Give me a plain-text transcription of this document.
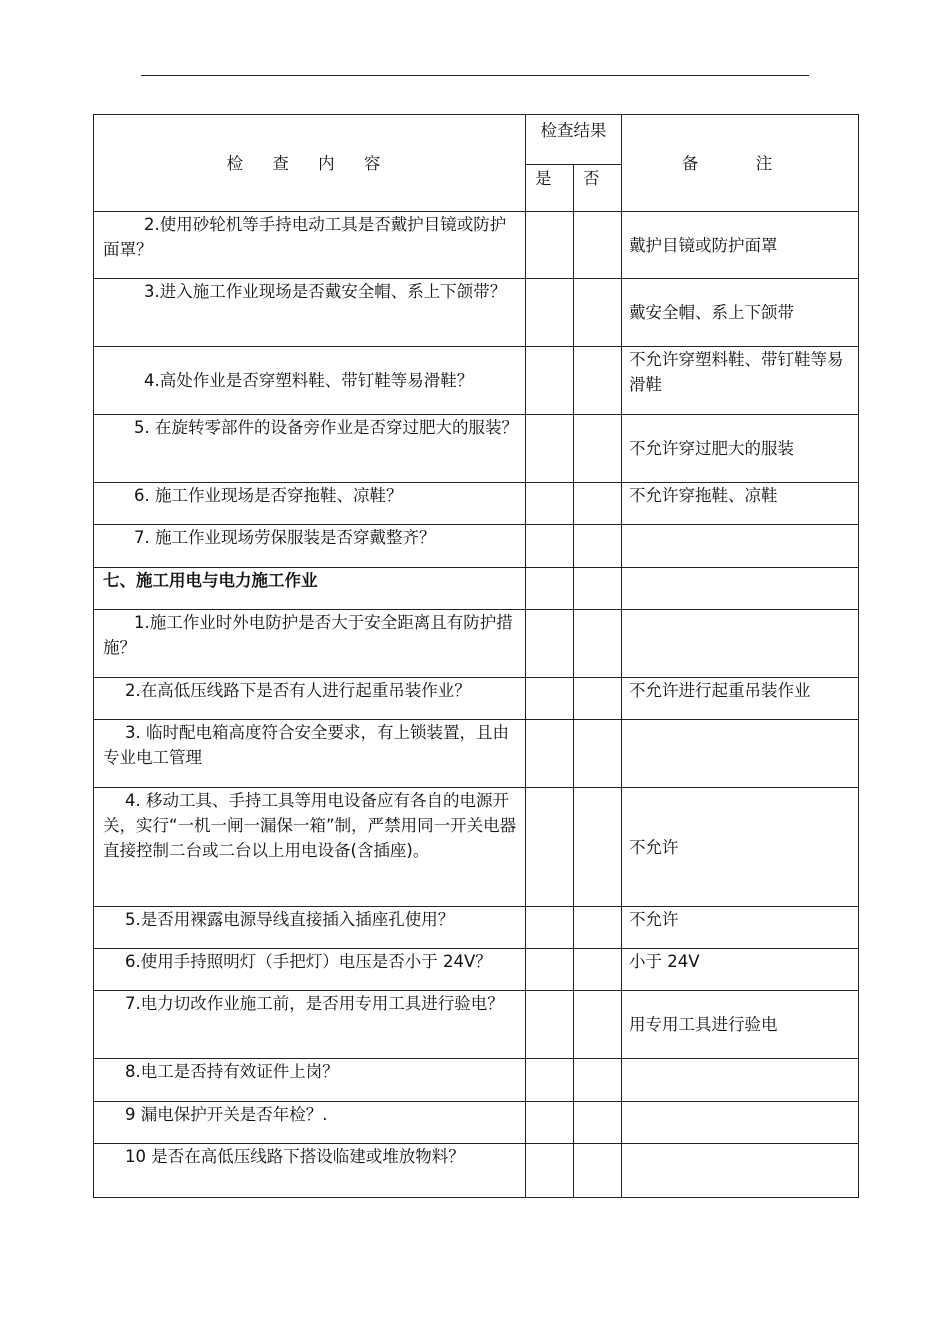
检 查 内 容	检查结果		备 注
	是	否	

2.使用砂轮机等手持电动工具是否戴护目镜或防护面罩？			戴护目镜或防护面罩

3.进入施工作业现场是否戴安全帽、系上下颌带？			戴安全帽、系上下颌带

4.高处作业是否穿塑料鞋、带钉鞋等易滑鞋？			不允许穿塑料鞋、带钉鞋等易滑鞋

5. 在旋转零部件的设备旁作业是否穿过肥大的服装？			不允许穿过肥大的服装

6. 施工作业现场是否穿拖鞋、凉鞋？			不允许穿拖鞋、凉鞋

7. 施工作业现场劳保服装是否穿戴整齐？			

七、施工用电与电力施工作业			

1.施工作业时外电防护是否大于安全距离且有防护措施？			

2.在高低压线路下是否有人进行起重吊装作业？			不允许进行起重吊装作业

3. 临时配电箱高度符合安全要求，有上锁装置，且由专业电工管理			

4. 移动工具、手持工具等用电设备应有各自的电源开关，实行“一机一闸一漏保一箱”制，严禁用同一开关电器直接控制二台或二台以上用电设备(含插座)。			不允许

5.是否用裸露电源导线直接插入插座孔使用？			不允许

6.使用手持照明灯（手把灯）电压是否小于 24V？			小于 24V

7.电力切改作业施工前，是否用专用工具进行验电？			用专用工具进行验电

8.电工是否持有效证件上岗？			

9 漏电保护开关是否年检？.			

10 是否在高低压线路下搭设临建或堆放物料？			
